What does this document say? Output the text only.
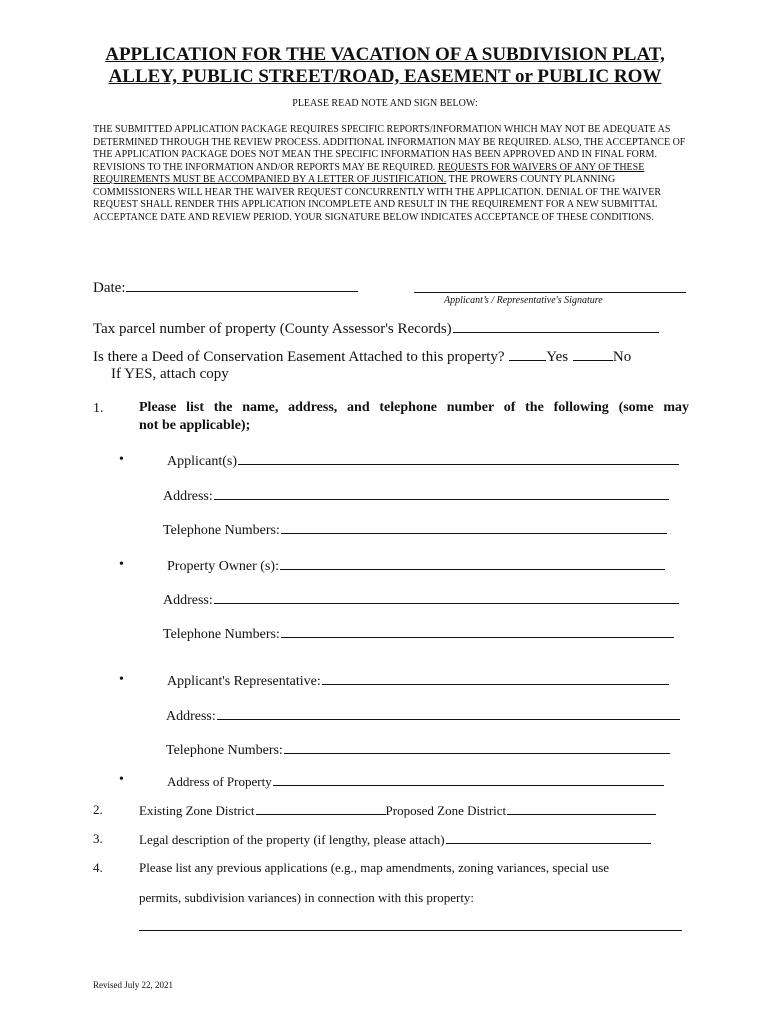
APPLICATION FOR THE VACATION OF A SUBDIVISION PLAT,
ALLEY, PUBLIC STREET/ROAD, EASEMENT or PUBLIC ROW
PLEASE READ NOTE AND SIGN BELOW:

THE SUBMITTED APPLICATION PACKAGE REQUIRES SPECIFIC REPORTS/INFORMATION WHICH MAY NOT BE ADEQUATE AS DETERMINED THROUGH THE REVIEW PROCESS. ADDITIONAL INFORMATION MAY BE REQUIRED. ALSO, THE ACCEPTANCE OF THE APPLICATION PACKAGE DOES NOT MEAN THE SPECIFIC INFORMATION HAS BEEN APPROVED AND IN FINAL FORM. REVISIONS TO THE INFORMATION AND/OR REPORTS MAY BE REQUIRED. REQUESTS FOR WAIVERS OF ANY OF THESE REQUIREMENTS MUST BE ACCOMPANIED BY A LETTER OF JUSTIFICATION. THE PROWERS COUNTY PLANNING COMMISSIONERS WILL HEAR THE WAIVER REQUEST CONCURRENTLY WITH THE APPLICATION. DENIAL OF THE WAIVER REQUEST SHALL RENDER THIS APPLICATION INCOMPLETE AND RESULT IN THE REQUIREMENT FOR A NEW SUBMITTAL ACCEPTANCE DATE AND REVIEW PERIOD. YOUR SIGNATURE BELOW INDICATES ACCEPTANCE OF THESE CONDITIONS.

Date:
Applicant’s / Representative's Signature
Tax parcel number of property (County Assessor's Records)
Is there a Deed of Conservation Easement Attached to this property?	Yes	No
If YES, attach copy
1.	Please list the name, address, and telephone number of the following (some may
not be applicable);
•	Applicant(s)
Address:
Telephone Numbers:
•	Property Owner (s):
Address:
Telephone Numbers:
•	Applicant's Representative:
Address:
Telephone Numbers:
•	Address of Property
2.	Existing Zone District	Proposed Zone District
3.	Legal description of the property (if lengthy, please attach)
4.	Please list any previous applications (e.g., map amendments, zoning variances, special use
permits, subdivision variances) in connection with this property:
Revised July 22, 2021
